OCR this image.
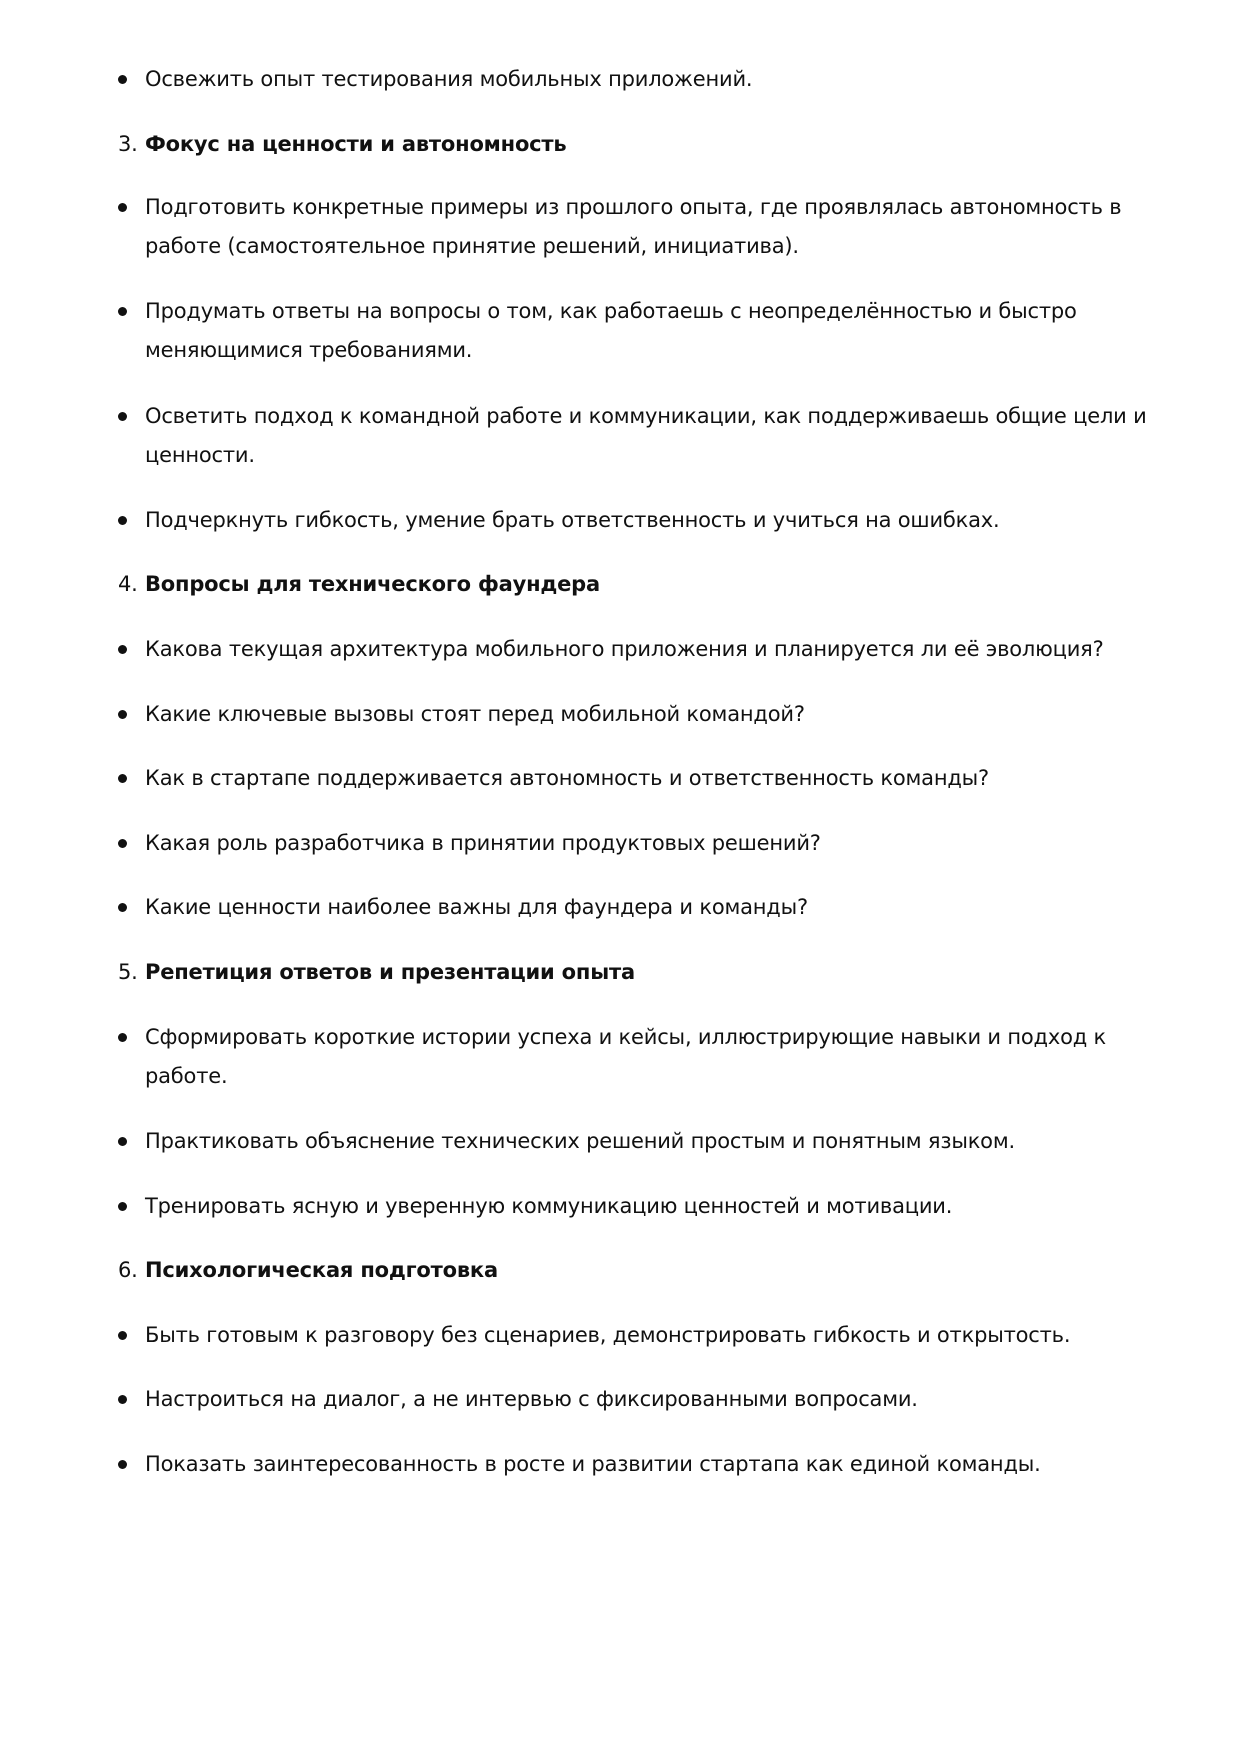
Освежить опыт тестирования мобильных приложений.
3. Фокус на ценности и автономность
Подготовить конкретные примеры из прошлого опыта, где проявлялась автономность в работе (самостоятельное принятие решений, инициатива).
Продумать ответы на вопросы о том, как работаешь с неопределённостью и быстро меняющимися требованиями.
Осветить подход к командной работе и коммуникации, как поддерживаешь общие цели и ценности.
Подчеркнуть гибкость, умение брать ответственность и учиться на ошибках.
4. Вопросы для технического фаундера
Какова текущая архитектура мобильного приложения и планируется ли её эволюция?
Какие ключевые вызовы стоят перед мобильной командой?
Как в стартапе поддерживается автономность и ответственность команды?
Какая роль разработчика в принятии продуктовых решений?
Какие ценности наиболее важны для фаундера и команды?
5. Репетиция ответов и презентации опыта
Сформировать короткие истории успеха и кейсы, иллюстрирующие навыки и подход к работе.
Практиковать объяснение технических решений простым и понятным языком.
Тренировать ясную и уверенную коммуникацию ценностей и мотивации.
6. Психологическая подготовка
Быть готовым к разговору без сценариев, демонстрировать гибкость и открытость.
Настроиться на диалог, а не интервью с фиксированными вопросами.
Показать заинтересованность в росте и развитии стартапа как единой команды.
